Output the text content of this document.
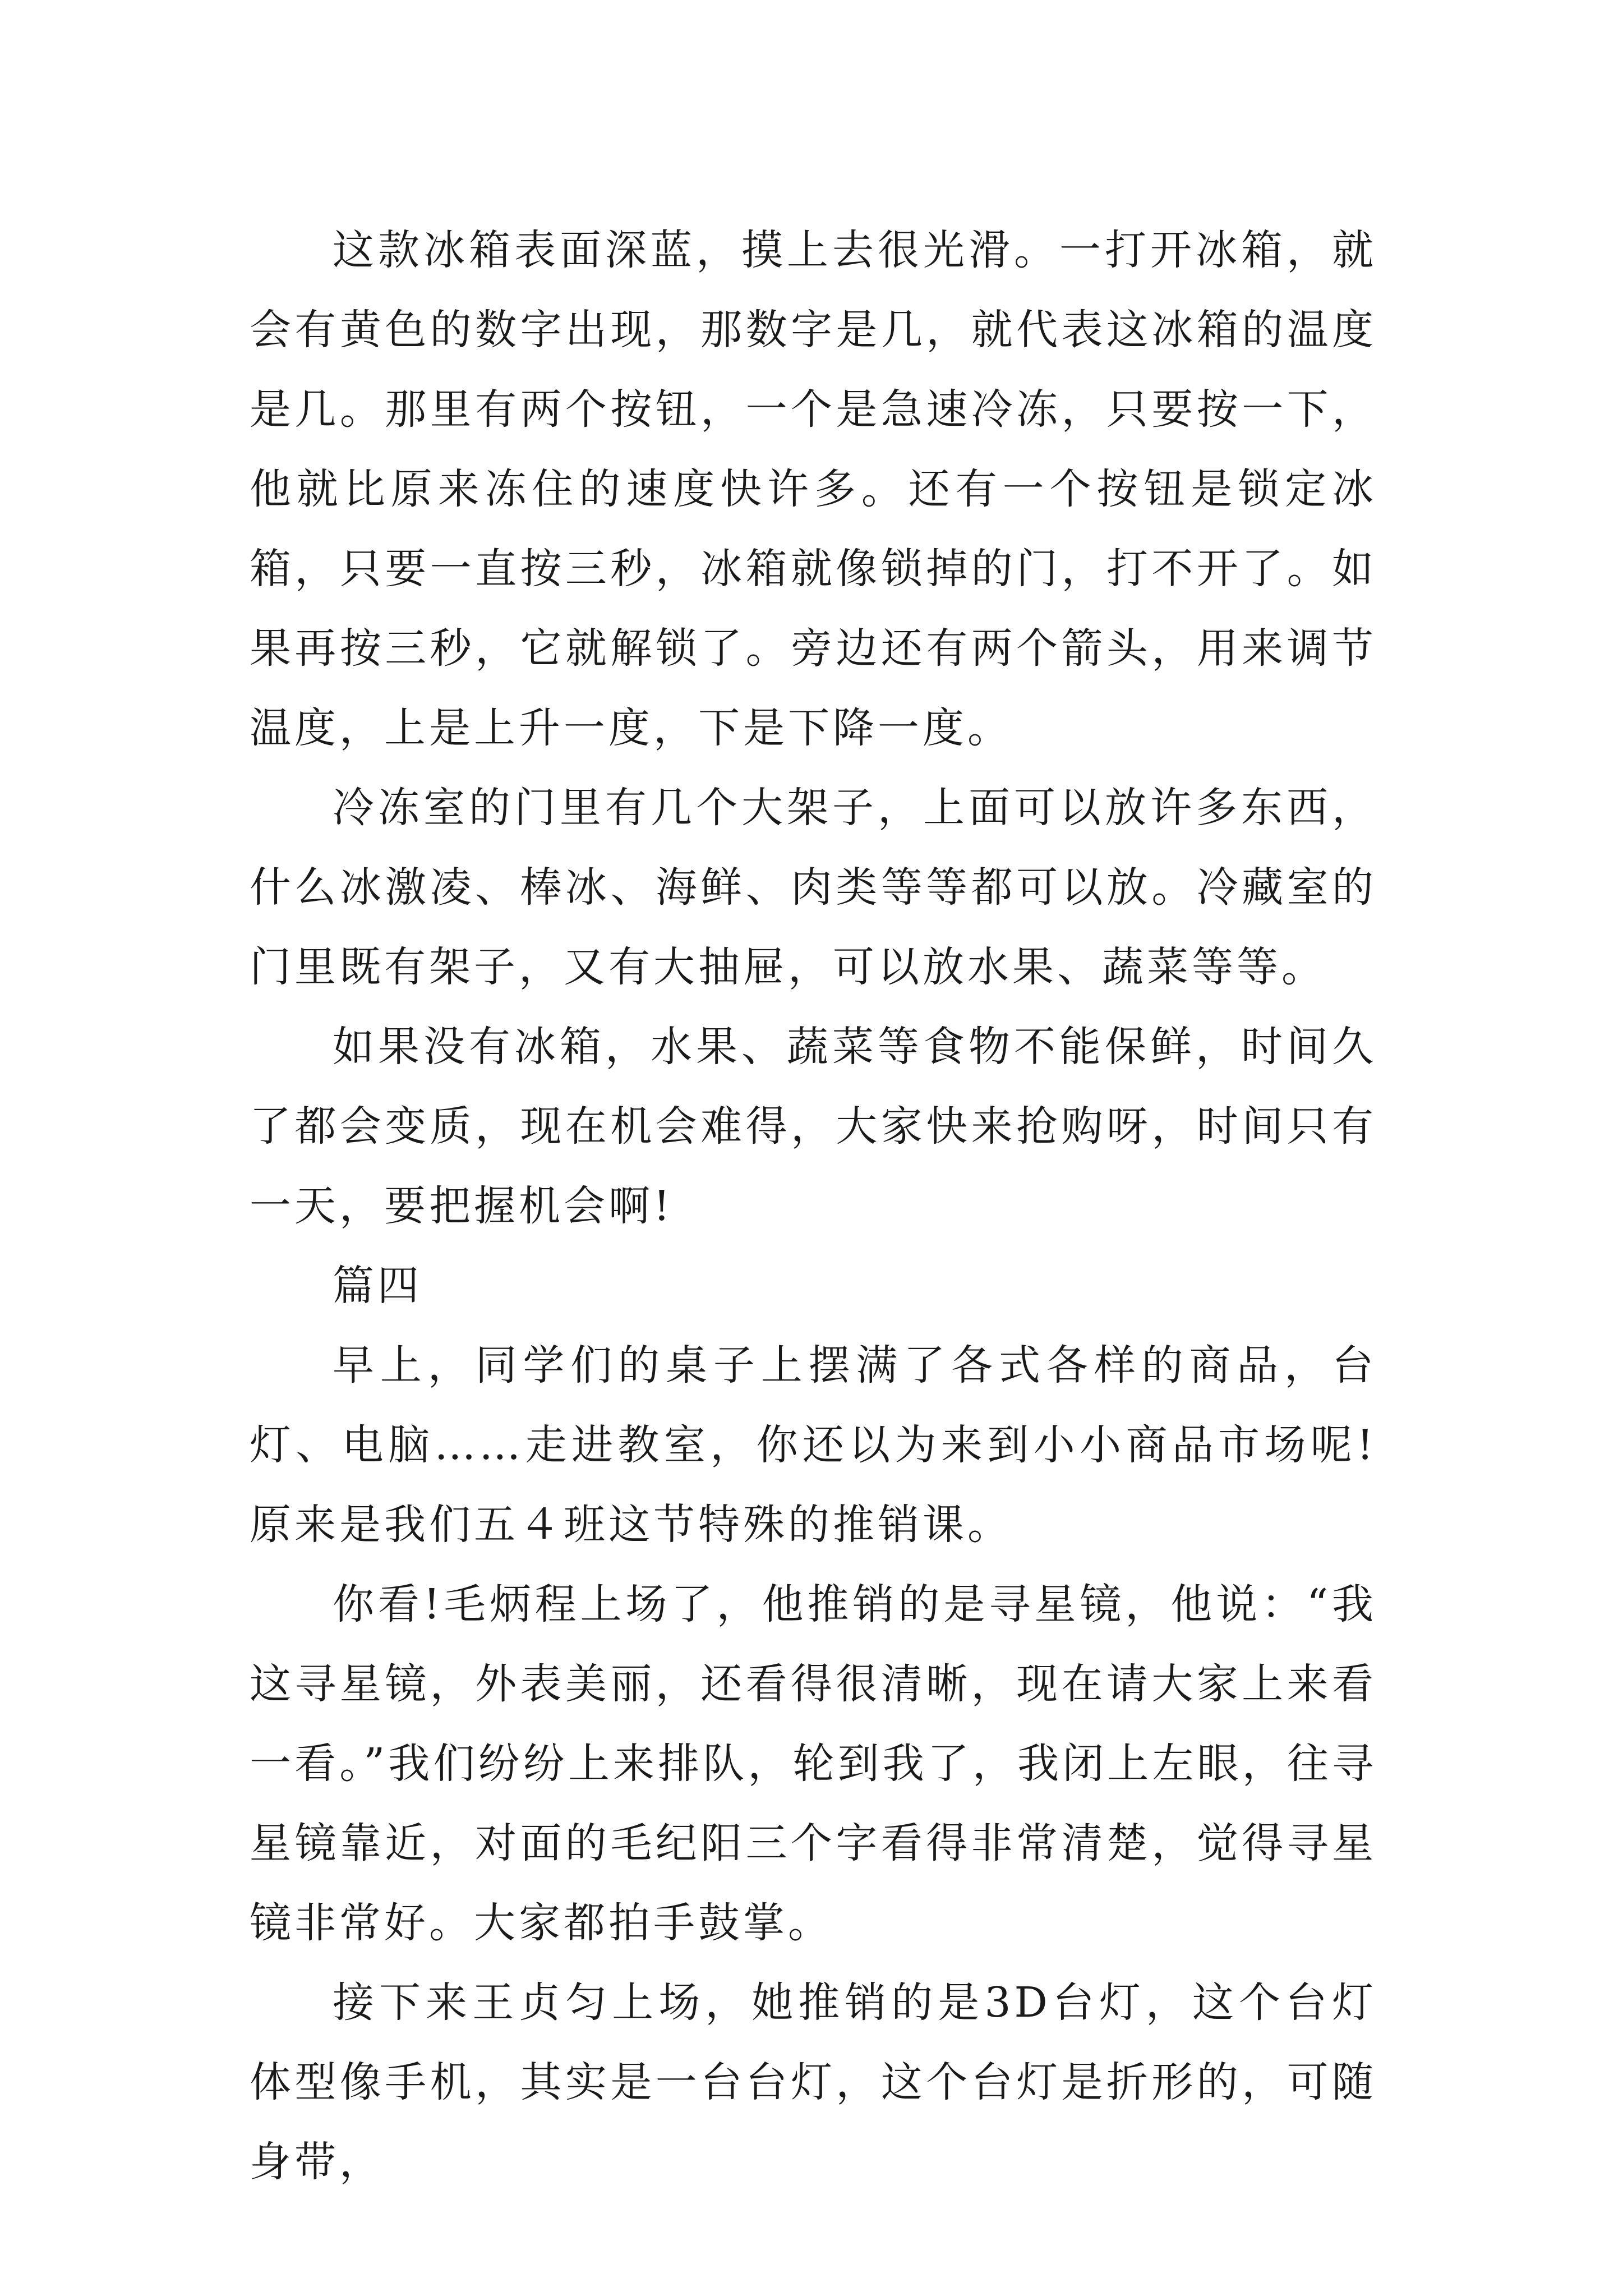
这款冰箱表面深蓝，摸上去很光滑。一打开冰箱，就会有黄色的数字出现，那数字是几，就代表这冰箱的温度是几。那里有两个按钮，一个是急速冷冻，只要按一下，他就比原来冻住的速度快许多。还有一个按钮是锁定冰箱，只要一直按三秒，冰箱就像锁掉的门，打不开了。如果再按三秒，它就解锁了。旁边还有两个箭头，用来调节温度，上是上升一度，下是下降一度。

冷冻室的门里有几个大架子，上面可以放许多东西，什么冰激凌、棒冰、海鲜、肉类等等都可以放。冷藏室的门里既有架子，又有大抽屉，可以放水果、蔬菜等等。

如果没有冰箱，水果、蔬菜等食物不能保鲜，时间久了都会变质，现在机会难得，大家快来抢购呀，时间只有一天，要把握机会啊!

篇四

早上，同学们的桌子上摆满了各式各样的商品，台灯、电脑……走进教室，你还以为来到小小商品市场呢!原来是我们五４班这节特殊的推销课。

你看!毛炳程上场了，他推销的是寻星镜，他说：“我这寻星镜，外表美丽，还看得很清晰，现在请大家上来看一看。”我们纷纷上来排队，轮到我了，我闭上左眼，往寻星镜靠近，对面的毛纪阳三个字看得非常清楚，觉得寻星镜非常好。大家都拍手鼓掌。

接下来王贞匀上场，她推销的是3D台灯，这个台灯体型像手机，其实是一台台灯，这个台灯是折形的，可随身带，
